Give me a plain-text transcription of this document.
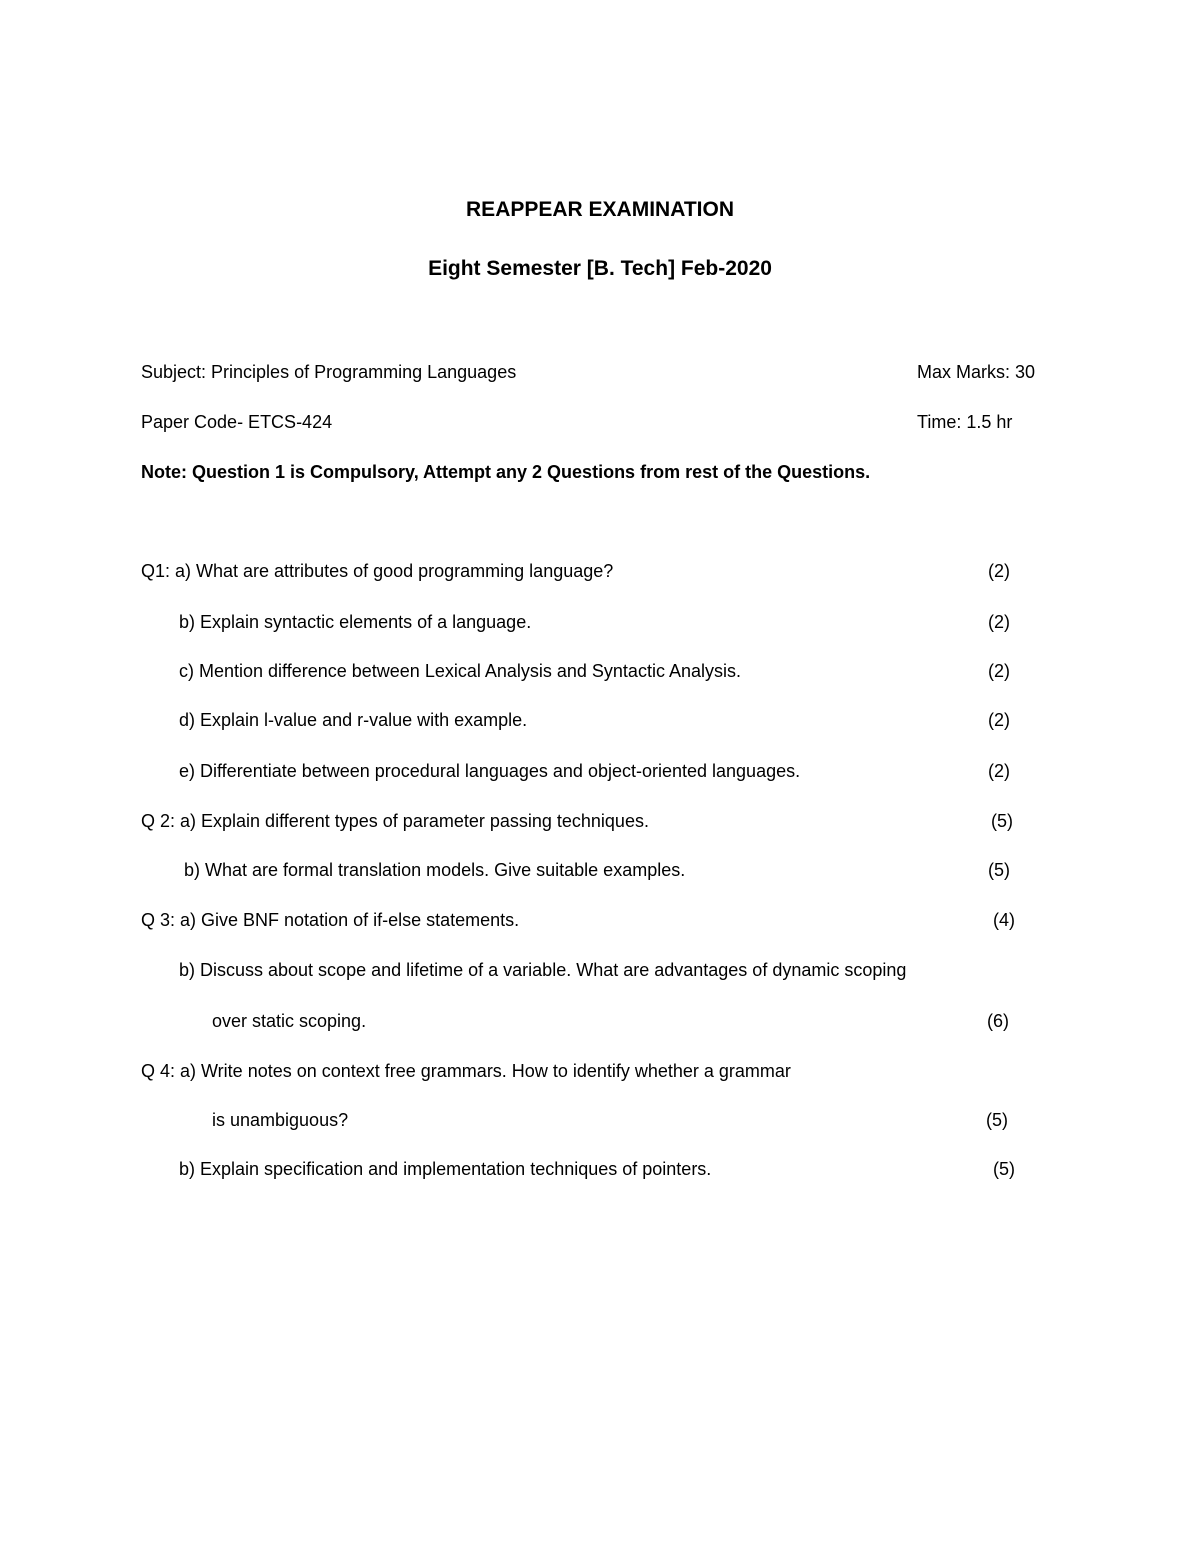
REAPPEAR EXAMINATION
Eight Semester [B. Tech] Feb-2020
Subject: Principles of Programming Languages	Max Marks: 30
Paper Code- ETCS-424	Time: 1.5 hr
Note: Question 1 is Compulsory, Attempt any 2 Questions from rest of the Questions.
Q1: a) What are attributes of good programming language?	(2)
b) Explain syntactic elements of a language.	(2)
c) Mention difference between Lexical Analysis and Syntactic Analysis.	(2)
d) Explain l-value and r-value with example.	(2)
e) Differentiate between procedural languages and object-oriented languages.	(2)
Q 2: a) Explain different types of parameter passing techniques.	(5)
b) What are formal translation models. Give suitable examples.	(5)
Q 3: a) Give BNF notation of if-else statements.	(4)
b) Discuss about scope and lifetime of a variable. What are advantages of dynamic scoping
over static scoping.	(6)
Q 4: a) Write notes on context free grammars. How to identify whether a grammar
is unambiguous?	(5)
b) Explain specification and implementation techniques of pointers.	(5)
